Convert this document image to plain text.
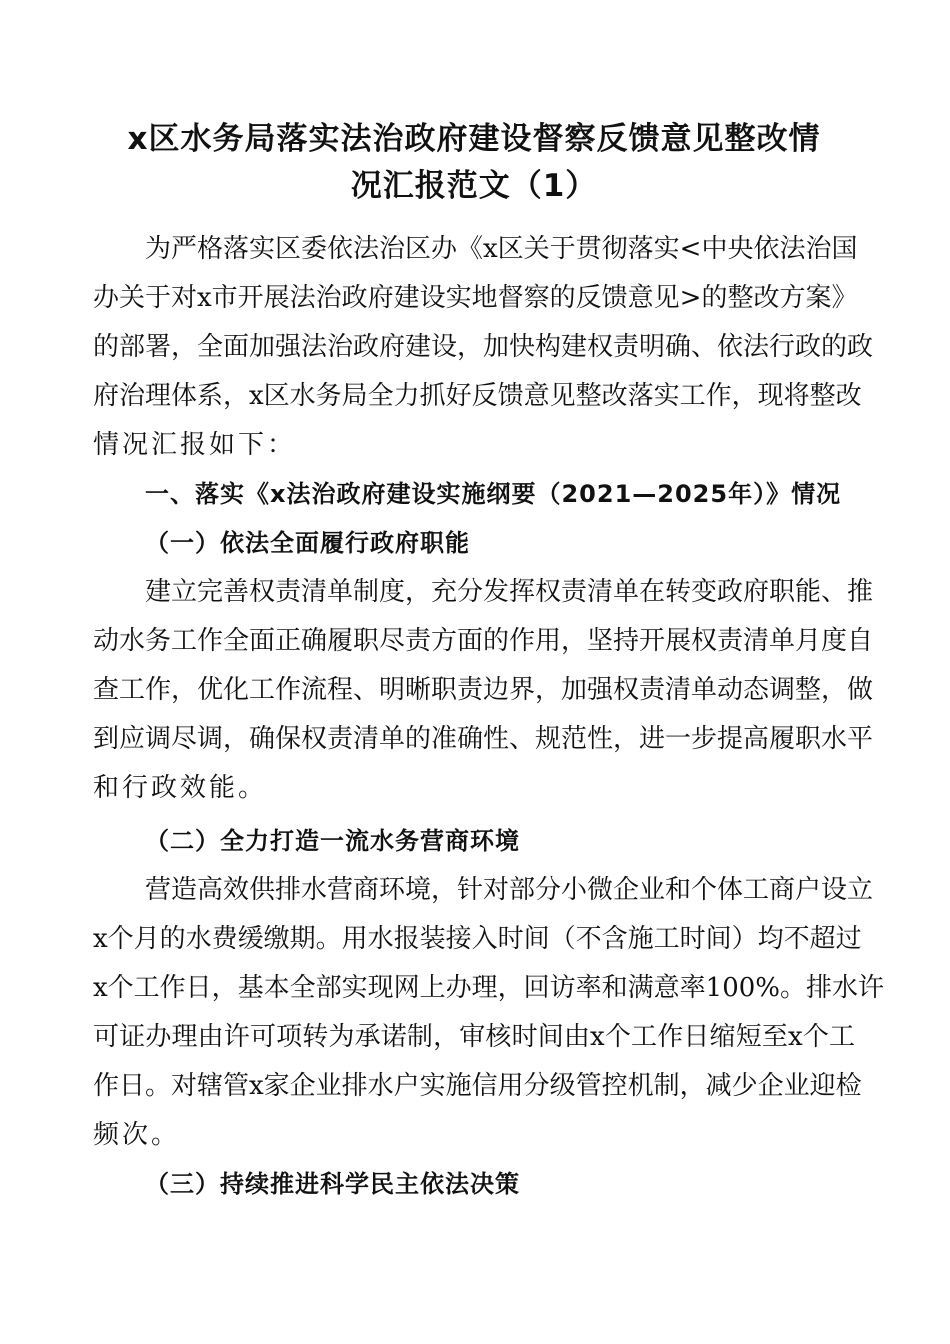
x区水务局落实法治政府建设督察反馈意见整改情
况汇报范文（1）
为严格落实区委依法治区办《x区关于贯彻落实<中央依法治国
办关于对x市开展法治政府建设实地督察的反馈意见>的整改方案》
的部署，全面加强法治政府建设，加快构建权责明确、依法行政的政
府治理体系，x区水务局全力抓好反馈意见整改落实工作，现将整改
情况汇报如下：
一、落实《x法治政府建设实施纲要（2021—2025年）》情况
（一）依法全面履行政府职能
建立完善权责清单制度，充分发挥权责清单在转变政府职能、推
动水务工作全面正确履职尽责方面的作用，坚持开展权责清单月度自
查工作，优化工作流程、明晰职责边界，加强权责清单动态调整，做
到应调尽调，确保权责清单的准确性、规范性，进一步提高履职水平
和行政效能。
（二）全力打造一流水务营商环境
营造高效供排水营商环境，针对部分小微企业和个体工商户设立
x个月的水费缓缴期。用水报装接入时间（不含施工时间）均不超过
x个工作日，基本全部实现网上办理，回访率和满意率100%。排水许
可证办理由许可项转为承诺制，审核时间由x个工作日缩短至x个工
作日。对辖管x家企业排水户实施信用分级管控机制，减少企业迎检
频次。
（三）持续推进科学民主依法决策
